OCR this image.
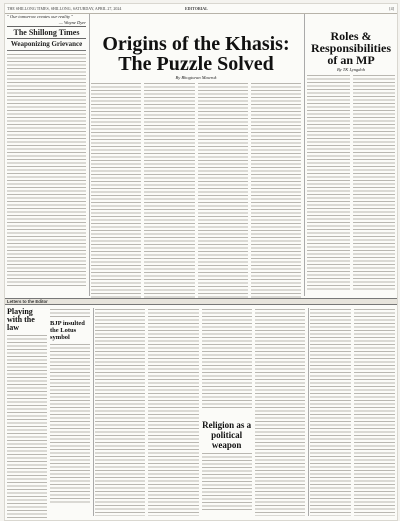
THE SHILLONG TIMES, SHILLONG, SATURDAY, APRIL 27, 2024	EDITORIAL	[4]
" Our tomorrow creates our reality "
— Wayne Dyer
The Shillong Times
Weaponizing Grievance	Origins of the Khasis:
The Puzzle Solved
By Bhogtoran Mawrok
Roles &
Responsibilities
of an MP
By TK Lyngdoh
Letters to the Editor
Playing with the law	BJP insulted the Lotus symbol
Religion as a political weapon
